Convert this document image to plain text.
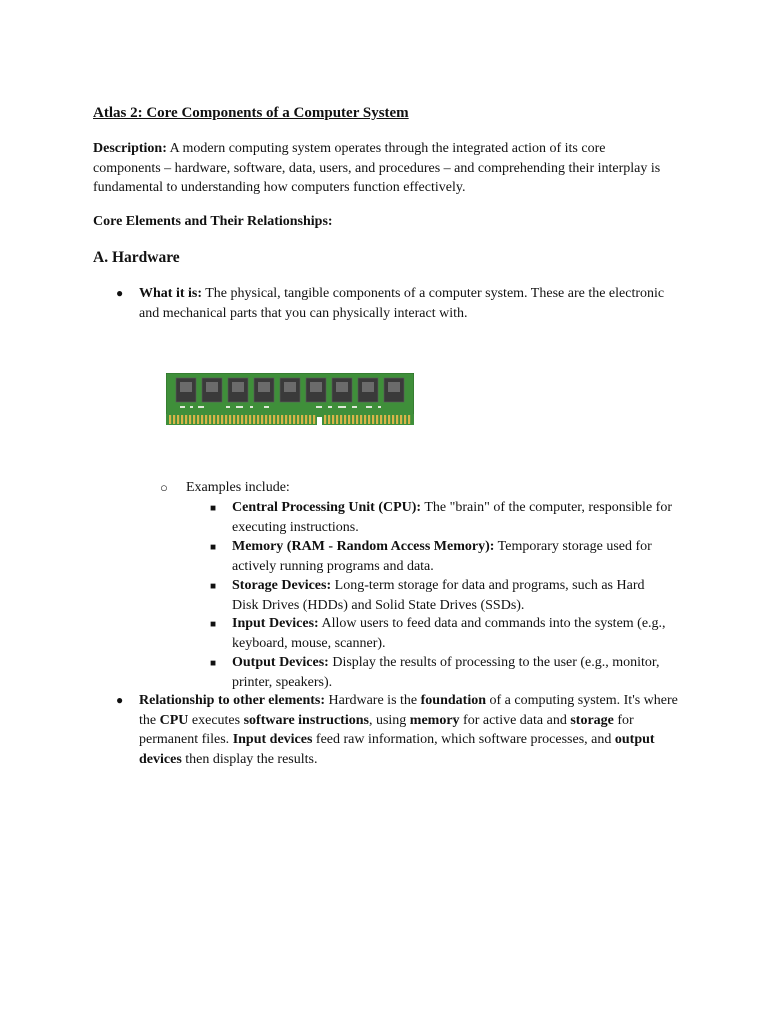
Atlas 2: Core Components of a Computer System

Description: A modern computing system operates through the integrated action of its core components – hardware, software, data, users, and procedures – and comprehending their interplay is fundamental to understanding how computers function effectively.

Core Elements and Their Relationships:

A. Hardware
● What it is: The physical, tangible components of a computer system. These are the electronic and mechanical parts that you can physically interact with.
○ Examples include:
■ Central Processing Unit (CPU): The "brain" of the computer, responsible for executing instructions.
■ Memory (RAM - Random Access Memory): Temporary storage used for actively running programs and data.
■ Storage Devices: Long-term storage for data and programs, such as Hard Disk Drives (HDDs) and Solid State Drives (SSDs).
■ Input Devices: Allow users to feed data and commands into the system (e.g., keyboard, mouse, scanner).
■ Output Devices: Display the results of processing to the user (e.g., monitor, printer, speakers).
● Relationship to other elements: Hardware is the foundation of a computing system. It's where the CPU executes software instructions, using memory for active data and storage for permanent files. Input devices feed raw information, which software processes, and output devices then display the results.
